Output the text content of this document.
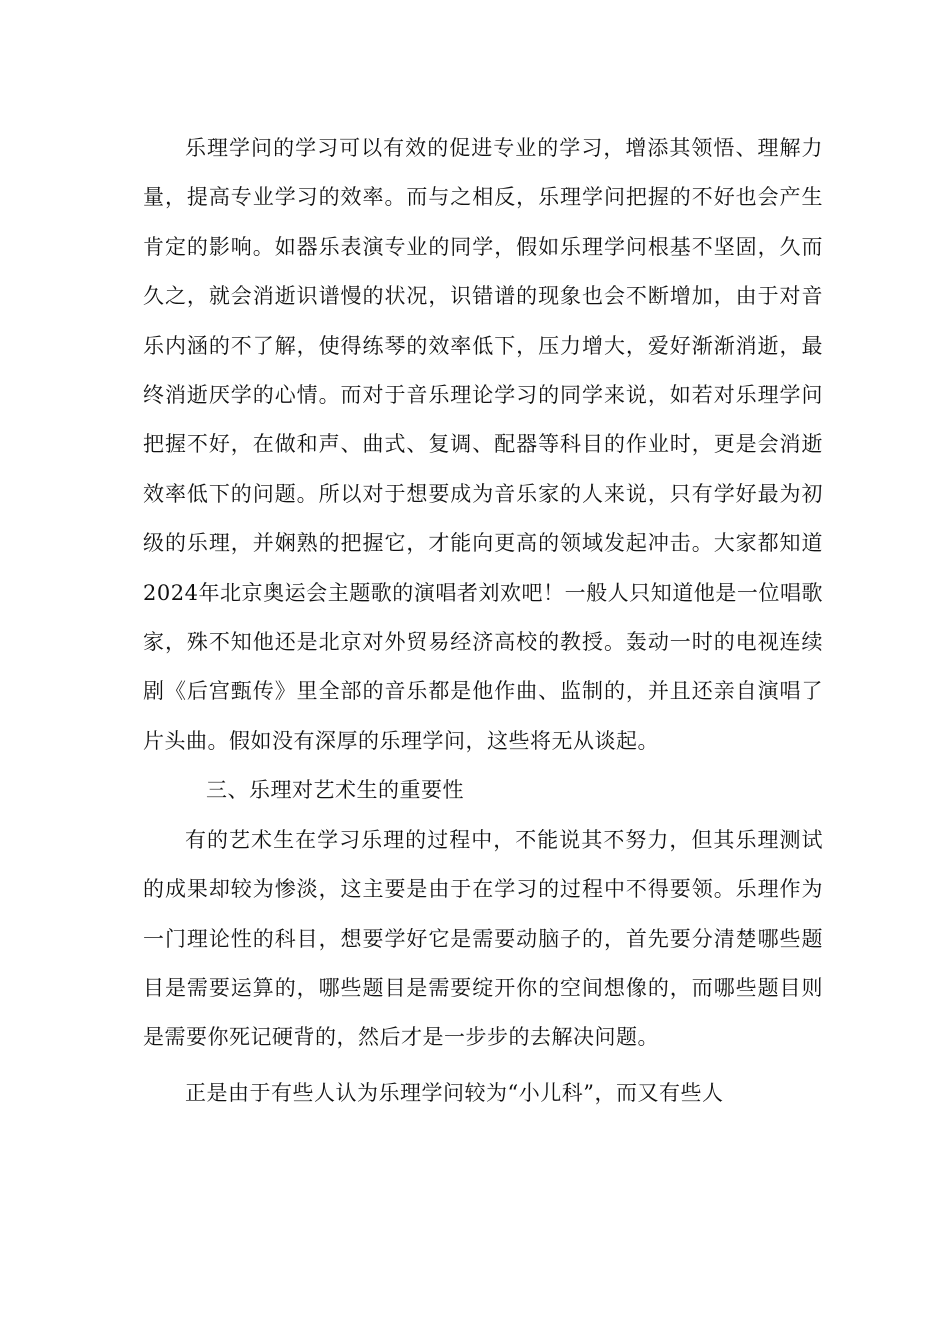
乐理学问的学习可以有效的促进专业的学习，增添其领悟、理解力量，提高专业学习的效率。而与之相反，乐理学问把握的不好也会产生肯定的影响。如器乐表演专业的同学，假如乐理学问根基不坚固，久而久之，就会消逝识谱慢的状况，识错谱的现象也会不断增加，由于对音乐内涵的不了解，使得练琴的效率低下，压力增大，爱好渐渐消逝，最终消逝厌学的心情。而对于音乐理论学习的同学来说，如若对乐理学问把握不好，在做和声、曲式、复调、配器等科目的作业时，更是会消逝效率低下的问题。所以对于想要成为音乐家的人来说，只有学好最为初级的乐理，并娴熟的把握它，才能向更高的领域发起冲击。大家都知道2024年北京奥运会主题歌的演唱者刘欢吧！一般人只知道他是一位唱歌家，殊不知他还是北京对外贸易经济高校的教授。轰动一时的电视连续剧《后宫甄传》里全部的音乐都是他作曲、监制的，并且还亲自演唱了片头曲。假如没有深厚的乐理学问，这些将无从谈起。

三、乐理对艺术生的重要性

有的艺术生在学习乐理的过程中，不能说其不努力，但其乐理测试的成果却较为惨淡，这主要是由于在学习的过程中不得要领。乐理作为一门理论性的科目，想要学好它是需要动脑子的，首先要分清楚哪些题目是需要运算的，哪些题目是需要绽开你的空间想像的，而哪些题目则是需要你死记硬背的，然后才是一步步的去解决问题。

正是由于有些人认为乐理学问较为“小儿科”，而又有些人
